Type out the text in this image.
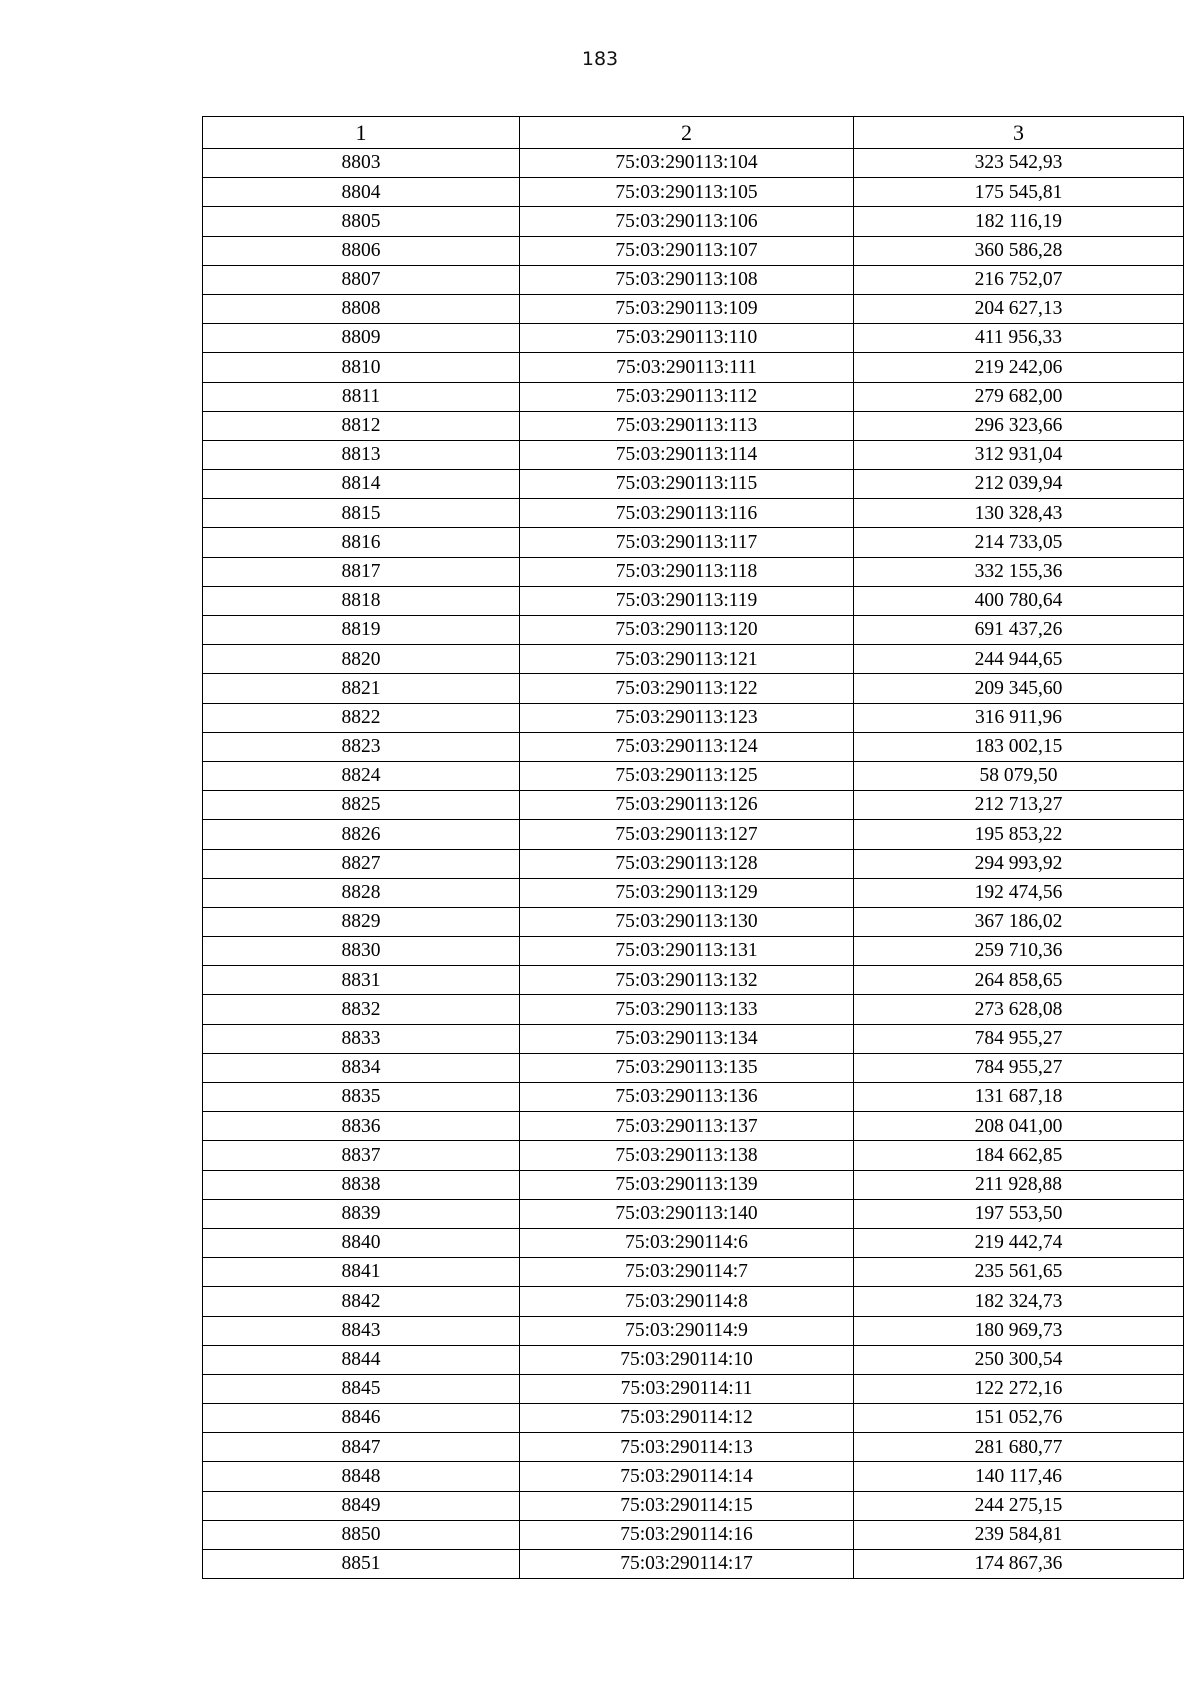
183
1	2	3
8803	75:03:290113:104	323 542,93
8804	75:03:290113:105	175 545,81
8805	75:03:290113:106	182 116,19
8806	75:03:290113:107	360 586,28
8807	75:03:290113:108	216 752,07
8808	75:03:290113:109	204 627,13
8809	75:03:290113:110	411 956,33
8810	75:03:290113:111	219 242,06
8811	75:03:290113:112	279 682,00
8812	75:03:290113:113	296 323,66
8813	75:03:290113:114	312 931,04
8814	75:03:290113:115	212 039,94
8815	75:03:290113:116	130 328,43
8816	75:03:290113:117	214 733,05
8817	75:03:290113:118	332 155,36
8818	75:03:290113:119	400 780,64
8819	75:03:290113:120	691 437,26
8820	75:03:290113:121	244 944,65
8821	75:03:290113:122	209 345,60
8822	75:03:290113:123	316 911,96
8823	75:03:290113:124	183 002,15
8824	75:03:290113:125	58 079,50
8825	75:03:290113:126	212 713,27
8826	75:03:290113:127	195 853,22
8827	75:03:290113:128	294 993,92
8828	75:03:290113:129	192 474,56
8829	75:03:290113:130	367 186,02
8830	75:03:290113:131	259 710,36
8831	75:03:290113:132	264 858,65
8832	75:03:290113:133	273 628,08
8833	75:03:290113:134	784 955,27
8834	75:03:290113:135	784 955,27
8835	75:03:290113:136	131 687,18
8836	75:03:290113:137	208 041,00
8837	75:03:290113:138	184 662,85
8838	75:03:290113:139	211 928,88
8839	75:03:290113:140	197 553,50
8840	75:03:290114:6	219 442,74
8841	75:03:290114:7	235 561,65
8842	75:03:290114:8	182 324,73
8843	75:03:290114:9	180 969,73
8844	75:03:290114:10	250 300,54
8845	75:03:290114:11	122 272,16
8846	75:03:290114:12	151 052,76
8847	75:03:290114:13	281 680,77
8848	75:03:290114:14	140 117,46
8849	75:03:290114:15	244 275,15
8850	75:03:290114:16	239 584,81
8851	75:03:290114:17	174 867,36
